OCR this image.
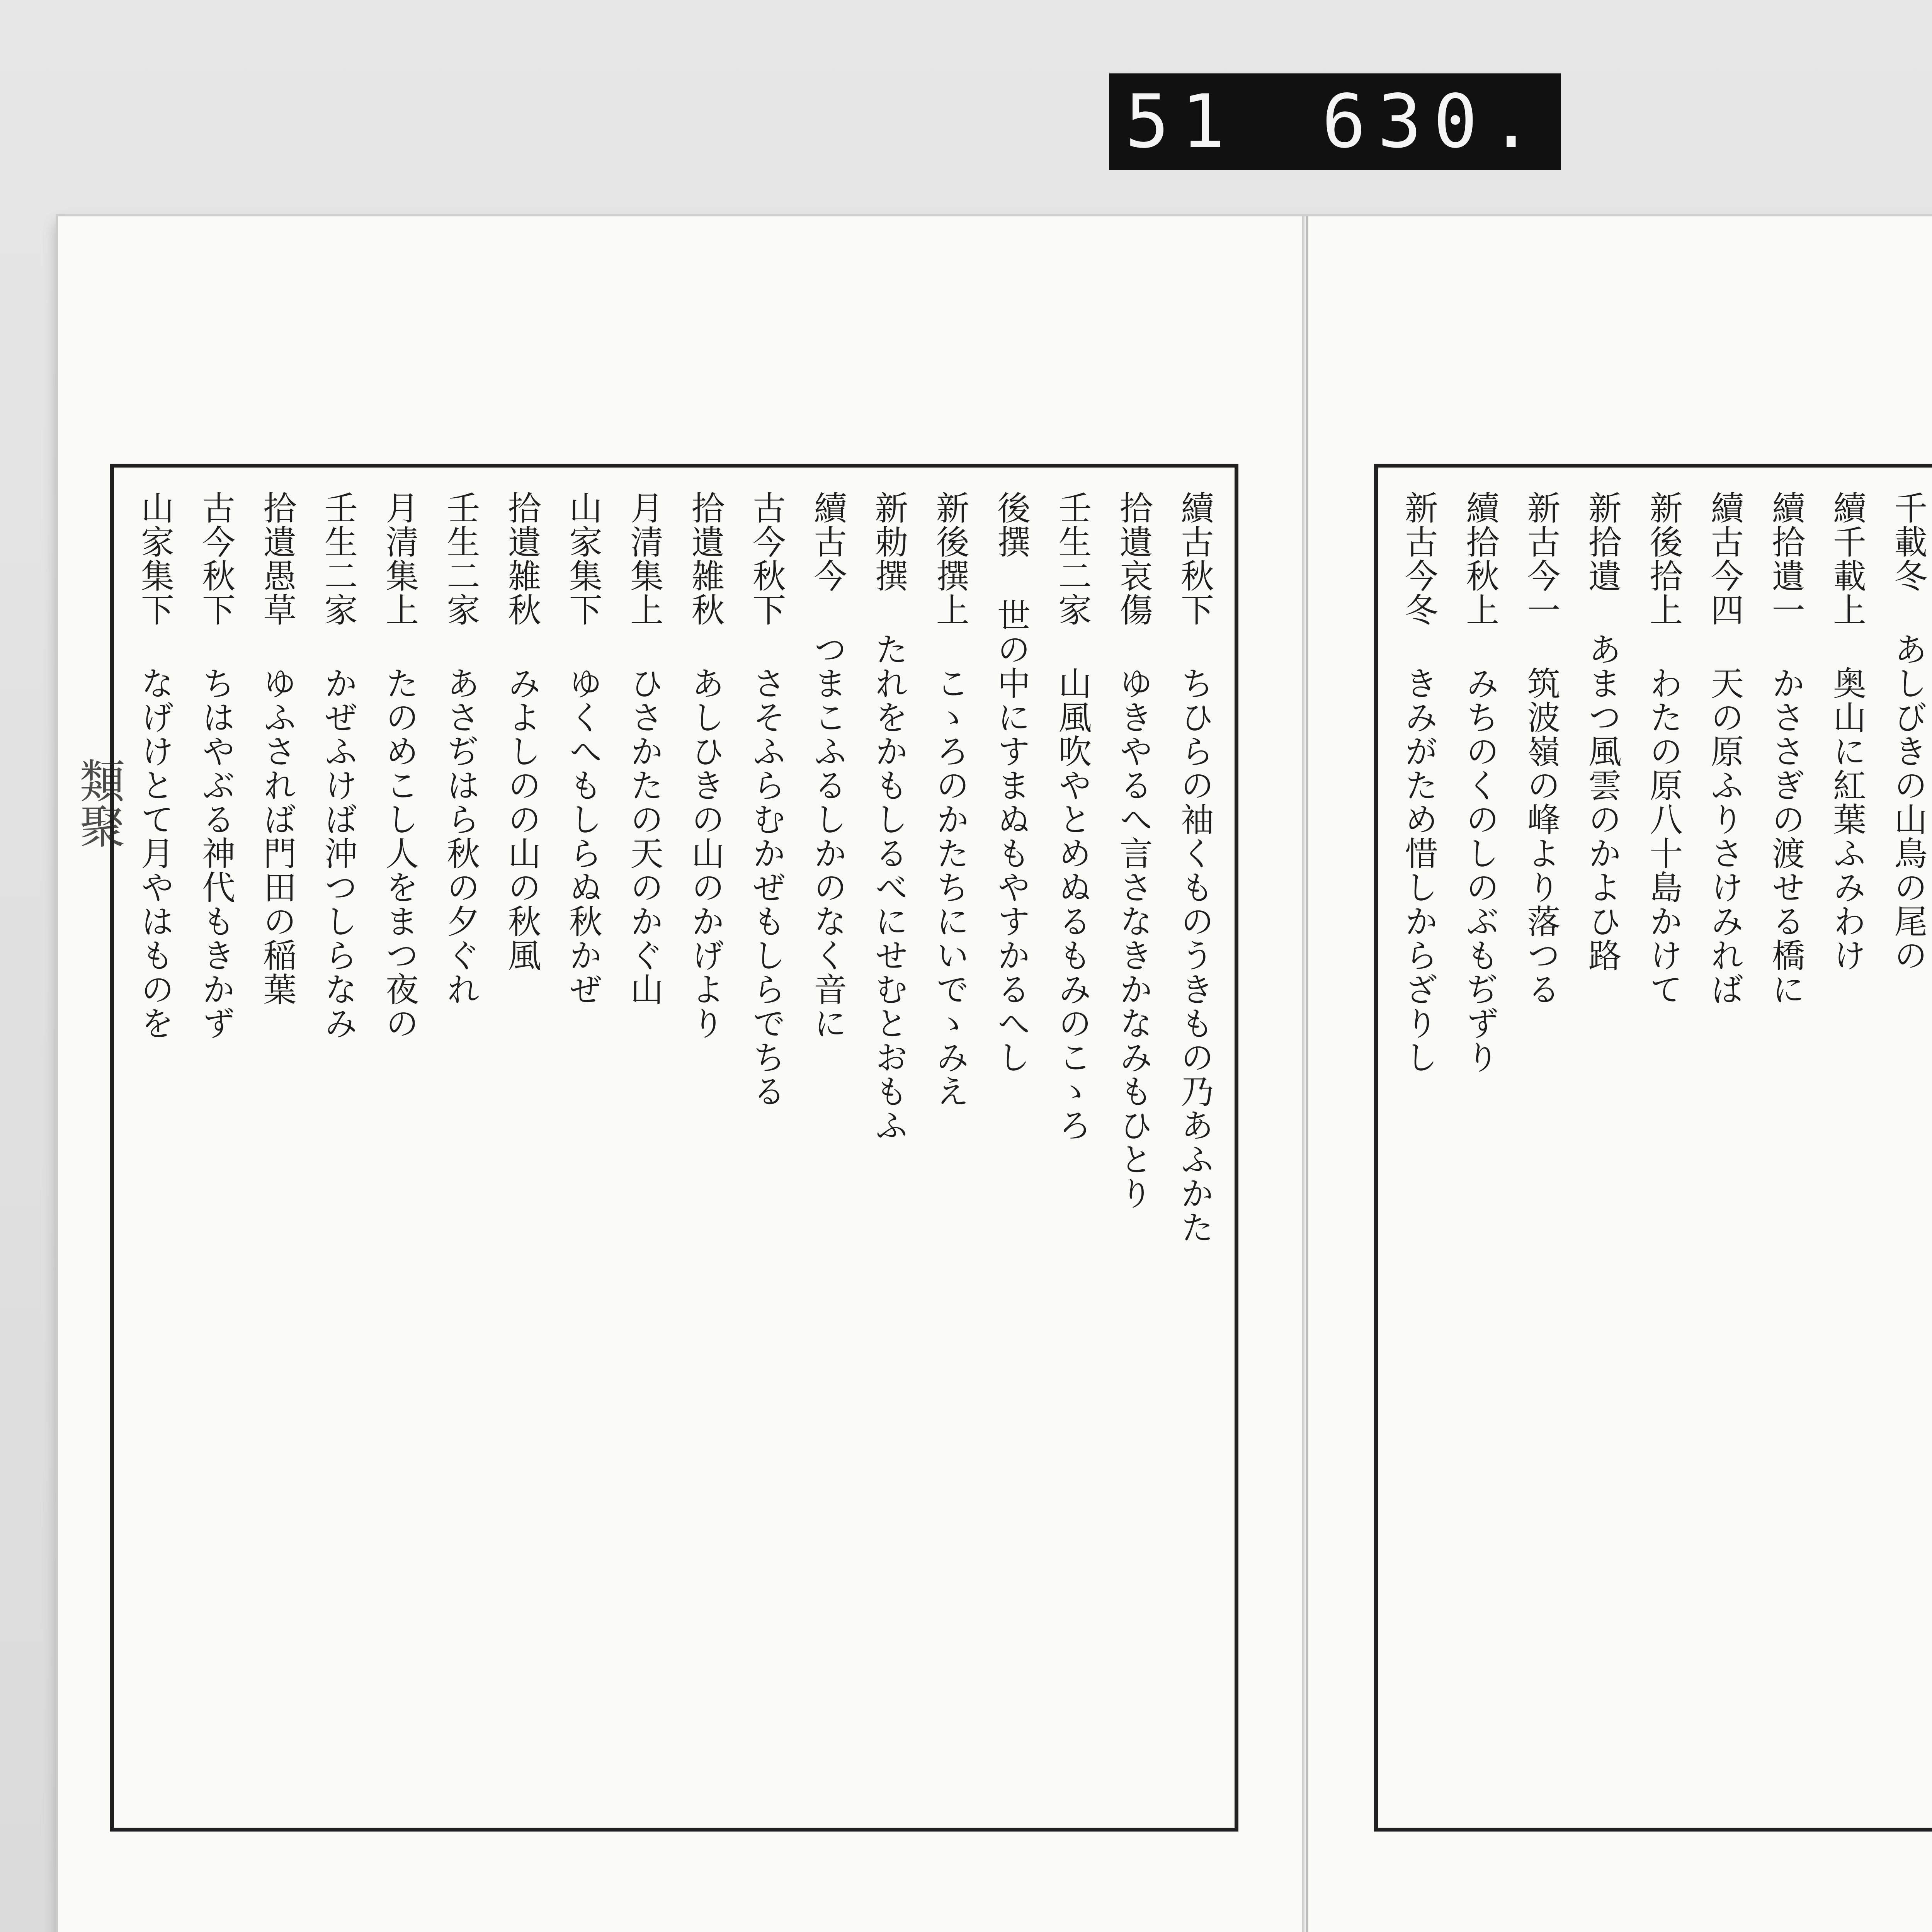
51 630.
類聚	續古秋下 ちひらの袖くものうきもの乃あふかた
拾遺哀傷 ゆきやるへ言さなきかなみもひとり
壬生二家 山風吹やとめぬるもみのこゝろ
後撰 世の中にすまぬもやすかるへし
新後撰上 こゝろのかたちにいでゝみえ
新勅撰 たれをかもしるべにせむとおもふ
續古今 つまこふるしかのなく音に
古今秋下 さそふらむかぜもしらでちる
拾遺雑秋 あしひきの山のかげより
月清集上 ひさかたの天のかぐ山
山家集下 ゆくへもしらぬ秋かぜ
拾遺雑秋 みよしのの山の秋風
壬生二家 あさぢはら秋の夕ぐれ
月清集上 たのめこし人をまつ夜の
壬生二家 かぜふけば沖つしらなみ
拾遺愚草 ゆふされば門田の稲葉
古今秋下 ちはやぶる神代もきかず
山家集下 なげけとて月やはものを	千載冬 あしびきの山鳥の尾の
續千載上 奥山に紅葉ふみわけ
續拾遺一 かささぎの渡せる橋に
續古今四 天の原ふりさけみれば
新後拾上 わたの原八十島かけて
新拾遺 あまつ風雲のかよひ路
新古今一 筑波嶺の峰より落つる
續拾秋上 みちのくのしのぶもぢずり
新古今冬 きみがため惜しからざりし
